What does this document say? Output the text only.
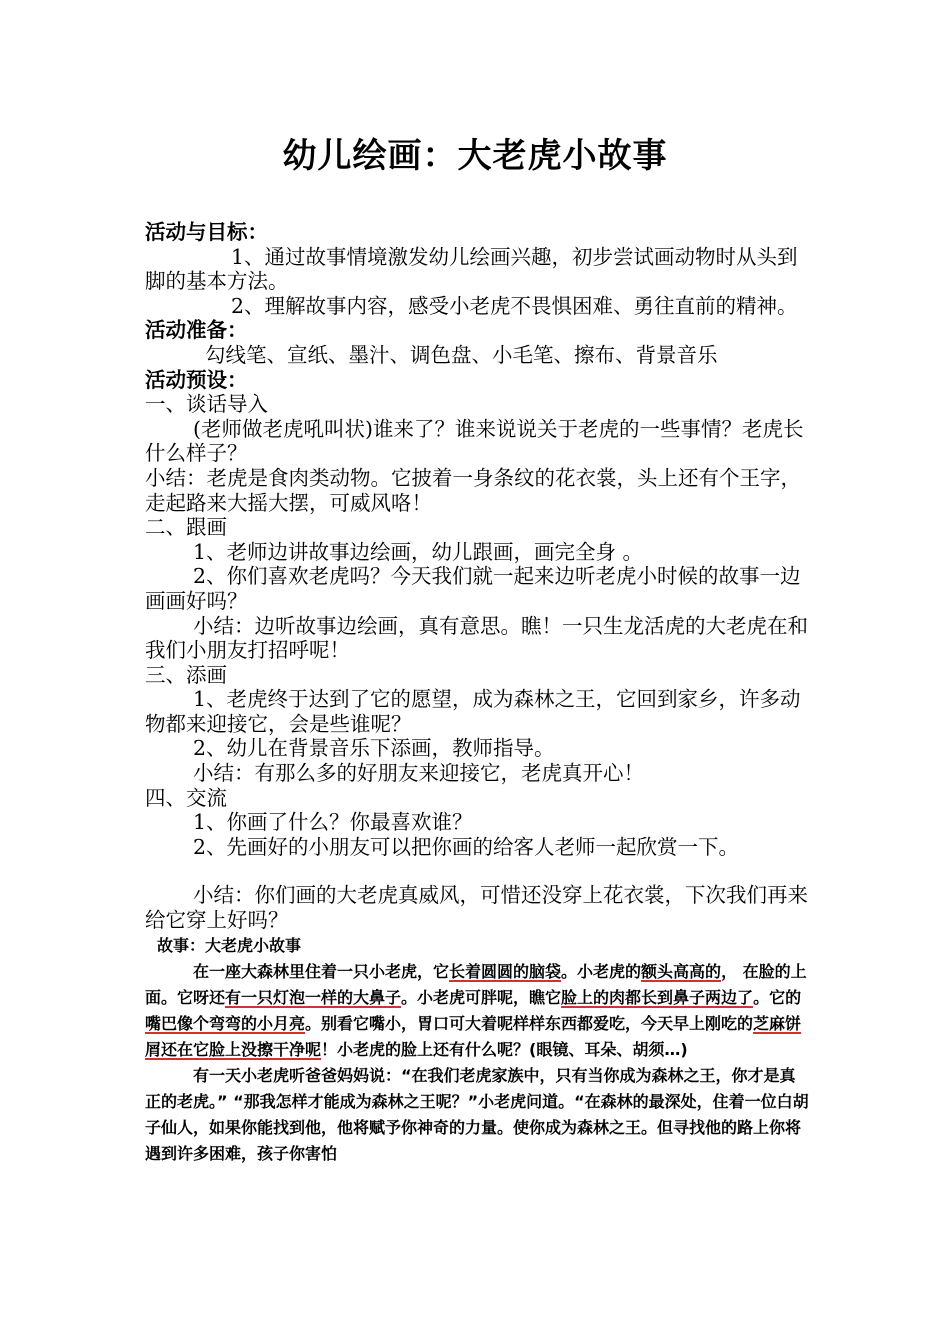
幼儿绘画：大老虎小故事

活动与目标：

1、通过故事情境激发幼儿绘画兴趣，初步尝试画动物时从头到脚的基本方法。

2、理解故事内容，感受小老虎不畏惧困难、勇往直前的精神。

活动准备：

勾线笔、宣纸、墨汁、调色盘、小毛笔、擦布、背景音乐

活动预设：

一、谈话导入

(老师做老虎吼叫状)谁来了？谁来说说关于老虎的一些事情？老虎长什么样子？

小结：老虎是食肉类动物。它披着一身条纹的花衣裳，头上还有个王字，走起路来大摇大摆，可威风咯！

二、跟画

1、老师边讲故事边绘画，幼儿跟画，画完全身 。

2、你们喜欢老虎吗？今天我们就一起来边听老虎小时候的故事一边画画好吗？

小结：边听故事边绘画，真有意思。瞧！一只生龙活虎的大老虎在和我们小朋友打招呼呢！

三、添画

1、老虎终于达到了它的愿望，成为森林之王，它回到家乡，许多动物都来迎接它，会是些谁呢？

2、幼儿在背景音乐下添画，教师指导。

小结：有那么多的好朋友来迎接它，老虎真开心！

四、交流

1、你画了什么？你最喜欢谁？

2、先画好的小朋友可以把你画的给客人老师一起欣赏一下。

小结：你们画的大老虎真威风，可惜还没穿上花衣裳，下次我们再来给它穿上好吗？

故事：大老虎小故事

在一座大森林里住着一只小老虎，它长着圆圆的脑袋。小老虎的额头高高的， 在脸的上面。它呀还有一只灯泡一样的大鼻子。小老虎可胖呢，瞧它脸上的肉都长到鼻子两边了。它的嘴巴像个弯弯的小月亮。别看它嘴小，胃口可大着呢样样东西都爱吃，今天早上刚吃的芝麻饼屑还在它脸上没擦干净呢！小老虎的脸上还有什么呢？(眼镜、耳朵、胡须…)

有一天小老虎听爸爸妈妈说：“在我们老虎家族中，只有当你成为森林之王，你才是真正的老虎。” “那我怎样才能成为森林之王呢？”小老虎问道。“在森林的最深处，住着一位白胡子仙人，如果你能找到他，他将赋予你神奇的力量。使你成为森林之王。但寻找他的路上你将遇到许多困难，孩子你害怕
